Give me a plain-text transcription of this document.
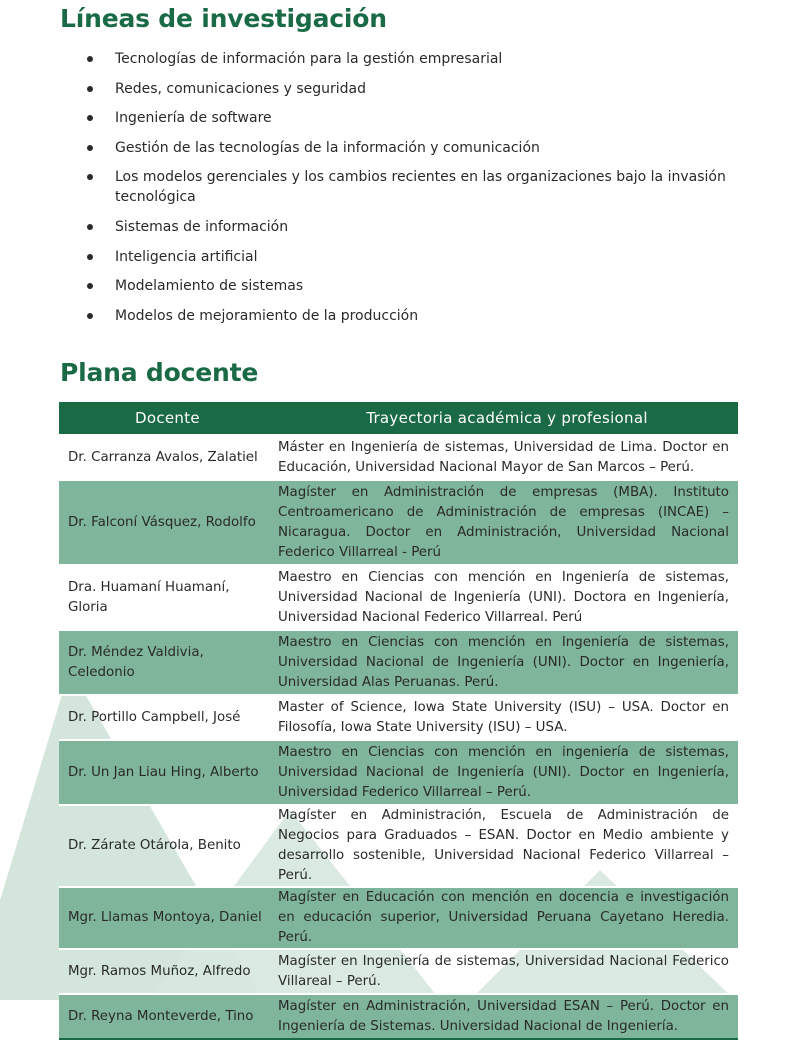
Líneas de investigación
Tecnologías de información para la gestión empresarial
Redes, comunicaciones y seguridad
Ingeniería de software
Gestión de las tecnologías de la información y comunicación
Los modelos gerenciales y los cambios recientes en las organizaciones bajo la invasión tecnológica
Sistemas de información
Inteligencia artificial
Modelamiento de sistemas
Modelos de mejoramiento de la producción
Plana docente
Docente	Trayectoria académica y profesional
Dr. Carranza Avalos, Zalatiel	Máster en Ingeniería de sistemas, Universidad de Lima. Doctor en Educación, Universidad Nacional Mayor de San Marcos – Perú.
Dr. Falconí Vásquez, Rodolfo	Magíster en Administración de empresas (MBA). Instituto Centroamericano de Administración de empresas (INCAE) – Nicaragua. Doctor en Administración, Universidad Nacional Federico Villarreal - Perú
Dra. Huamaní Huamaní, Gloria	Maestro en Ciencias con mención en Ingeniería de sistemas, Universidad Nacional de Ingeniería (UNI). Doctora en Ingeniería, Universidad Nacional Federico Villarreal. Perú
Dr. Méndez Valdivia, Celedonio	Maestro en Ciencias con mención en Ingeniería de sistemas, Universidad Nacional de Ingeniería (UNI). Doctor en Ingeniería, Universidad Alas Peruanas. Perú.
Dr. Portillo Campbell, José	Master of Science, Iowa State University (ISU) – USA. Doctor en Filosofía, Iowa State University (ISU) – USA.
Dr. Un Jan Liau Hing, Alberto	Maestro en Ciencias con mención en ingeniería de sistemas, Universidad Nacional de Ingeniería (UNI). Doctor en Ingeniería, Universidad Federico Villarreal – Perú.
Dr. Zárate Otárola, Benito	Magíster en Administración, Escuela de Administración de Negocios para Graduados – ESAN. Doctor en Medio ambiente y desarrollo sostenible, Universidad Nacional Federico Villarreal – Perú.
Mgr. Llamas Montoya, Daniel	Magíster en Educación con mención en docencia e investigación en educación superior, Universidad Peruana Cayetano Heredia. Perú.
Mgr. Ramos Muñoz, Alfredo	Magíster en Ingeniería de sistemas, Universidad Nacional Federico Villareal – Perú.
Dr. Reyna Monteverde, Tino	Magíster en Administración, Universidad ESAN – Perú. Doctor en Ingeniería de Sistemas. Universidad Nacional de Ingeniería.
